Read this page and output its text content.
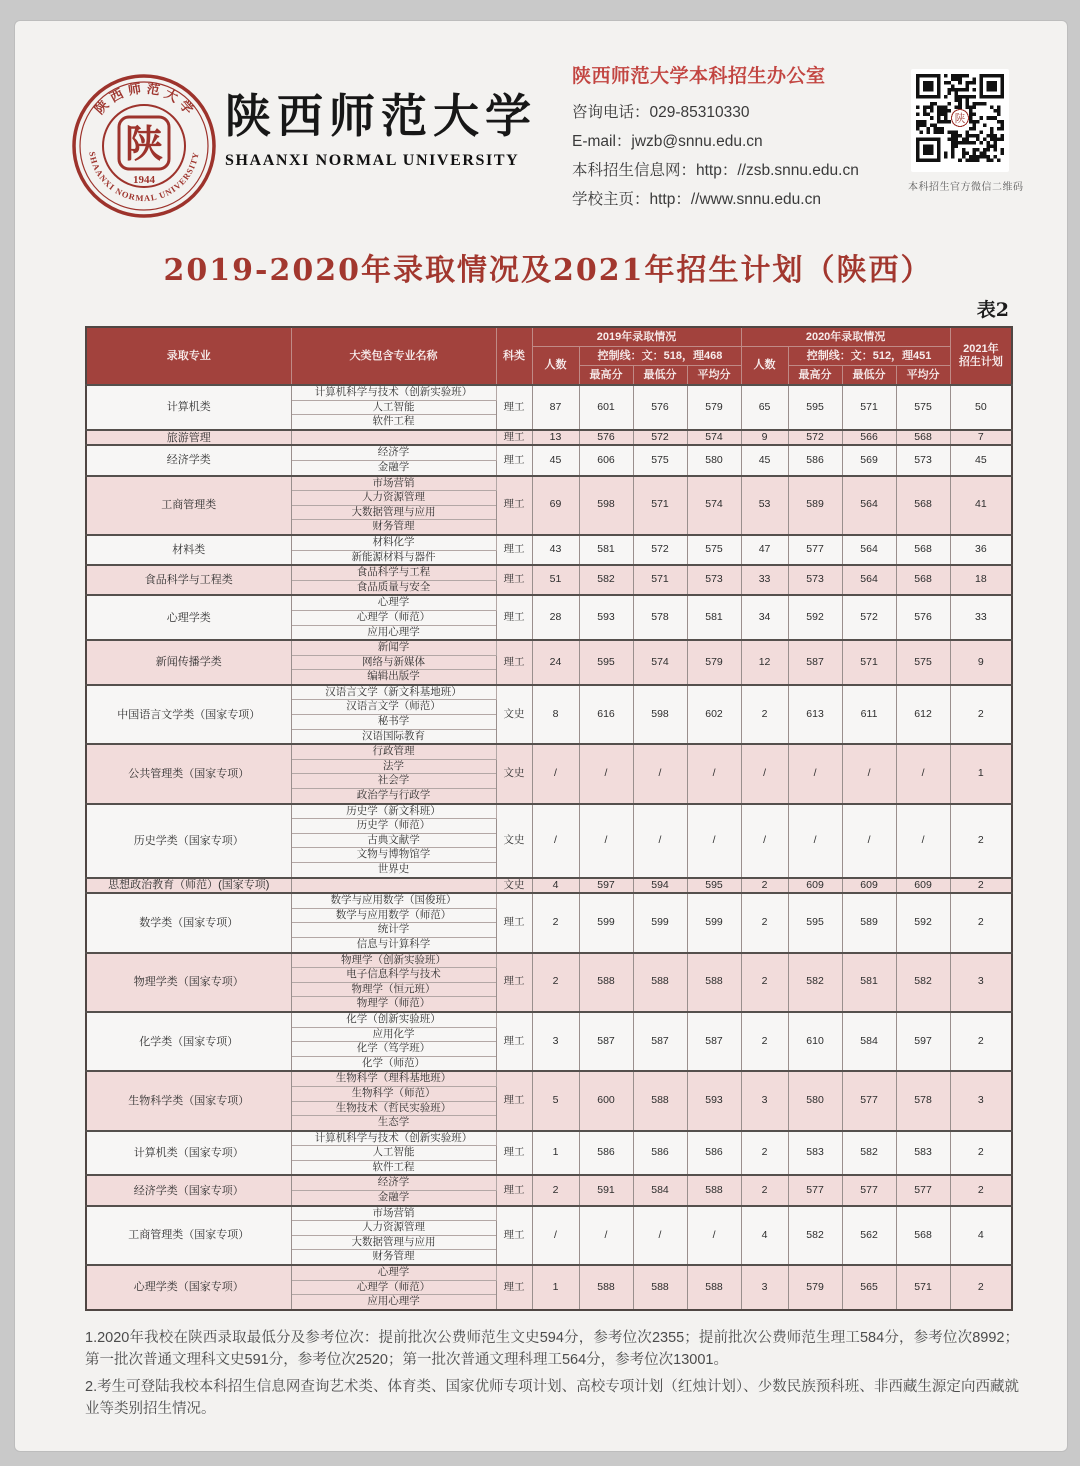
陕 西 师 范 大 学
SHAANXI NORMAL UNIVERSITY
陕
1944
陕西师范大学
SHAANXI NORMAL UNIVERSITY
陕西师范大学本科招生办公室
咨询电话：029-85310330
E-mail：jwzb@snnu.edu.cn
本科招生信息网：http：//zsb.snnu.edu.cn
学校主页：http：//www.snnu.edu.cn
陕
本科招生官方微信二维码
2019-2020年录取情况及2021年招生计划（陕西）
表2
录取专业	大类包含专业名称	科类	2019年录取情况				2020年录取情况				2021年
招生计划

			人数	控制线：文：518，理468			人数	控制线：文：512，理451			
				最高分	最低分	平均分		最高分	最低分	平均分	
计算机类	计算机科学与技术（创新实验班）	理工	87	601	576	579	65	595	571	575	50
	人工智能										
	软件工程										
旅游管理		理工	13	576	572	574	9	572	566	568	7
经济学类	经济学	理工	45	606	575	580	45	586	569	573	45
	金融学										
工商管理类	市场营销	理工	69	598	571	574	53	589	564	568	41
	人力资源管理										
	大数据管理与应用										
	财务管理										
材料类	材料化学	理工	43	581	572	575	47	577	564	568	36
	新能源材料与器件										
食品科学与工程类	食品科学与工程	理工	51	582	571	573	33	573	564	568	18
	食品质量与安全										
心理学类	心理学	理工	28	593	578	581	34	592	572	576	33
	心理学（师范）										
	应用心理学										
新闻传播学类	新闻学	理工	24	595	574	579	12	587	571	575	9
	网络与新媒体										
	编辑出版学										
中国语言文学类（国家专项）	汉语言文学（新文科基地班）	文史	8	616	598	602	2	613	611	612	2
	汉语言文学（师范）										
	秘书学										
	汉语国际教育										
公共管理类（国家专项）	行政管理	文史	/	/	/	/	/	/	/	/	1
	法学										
	社会学										
	政治学与行政学										
历史学类（国家专项）	历史学（新文科班）	文史	/	/	/	/	/	/	/	/	2
	历史学（师范）										
	古典文献学										
	文物与博物馆学										
	世界史										
思想政治教育（师范）(国家专项)		文史	4	597	594	595	2	609	609	609	2
数学类（国家专项）	数学与应用数学（国俊班）	理工	2	599	599	599	2	595	589	592	2
	数学与应用数学（师范）										
	统计学										
	信息与计算科学										
物理学类（国家专项）	物理学（创新实验班）	理工	2	588	588	588	2	582	581	582	3
	电子信息科学与技术										
	物理学（恒元班）										
	物理学（师范）										
化学类（国家专项）	化学（创新实验班）	理工	3	587	587	587	2	610	584	597	2
	应用化学										
	化学（笃学班）										
	化学（师范）										
生物科学类（国家专项）	生物科学（理科基地班）	理工	5	600	588	593	3	580	577	578	3
	生物科学（师范）										
	生物技术（哲民实验班）										
	生态学										
计算机类（国家专项）	计算机科学与技术（创新实验班）	理工	1	586	586	586	2	583	582	583	2
	人工智能										
	软件工程										
经济学类（国家专项）	经济学	理工	2	591	584	588	2	577	577	577	2
	金融学										
工商管理类（国家专项）	市场营销	理工	/	/	/	/	4	582	562	568	4
	人力资源管理										
	大数据管理与应用										
	财务管理										
心理学类（国家专项）	心理学	理工	1	588	588	588	3	579	565	571	2
	心理学（师范）										
	应用心理学										

1.2020年我校在陕西录取最低分及参考位次：提前批次公费师范生文史594分，参考位次2355；提前批次公费师范生理工584分，参考位次8992；第一批次普通文理科文史591分，参考位次2520；第一批次普通文理科理工564分，参考位次13001。

2.考生可登陆我校本科招生信息网查询艺术类、体育类、国家优师专项计划、高校专项计划（红烛计划）、少数民族预科班、非西藏生源定向西藏就业等类别招生情况。
